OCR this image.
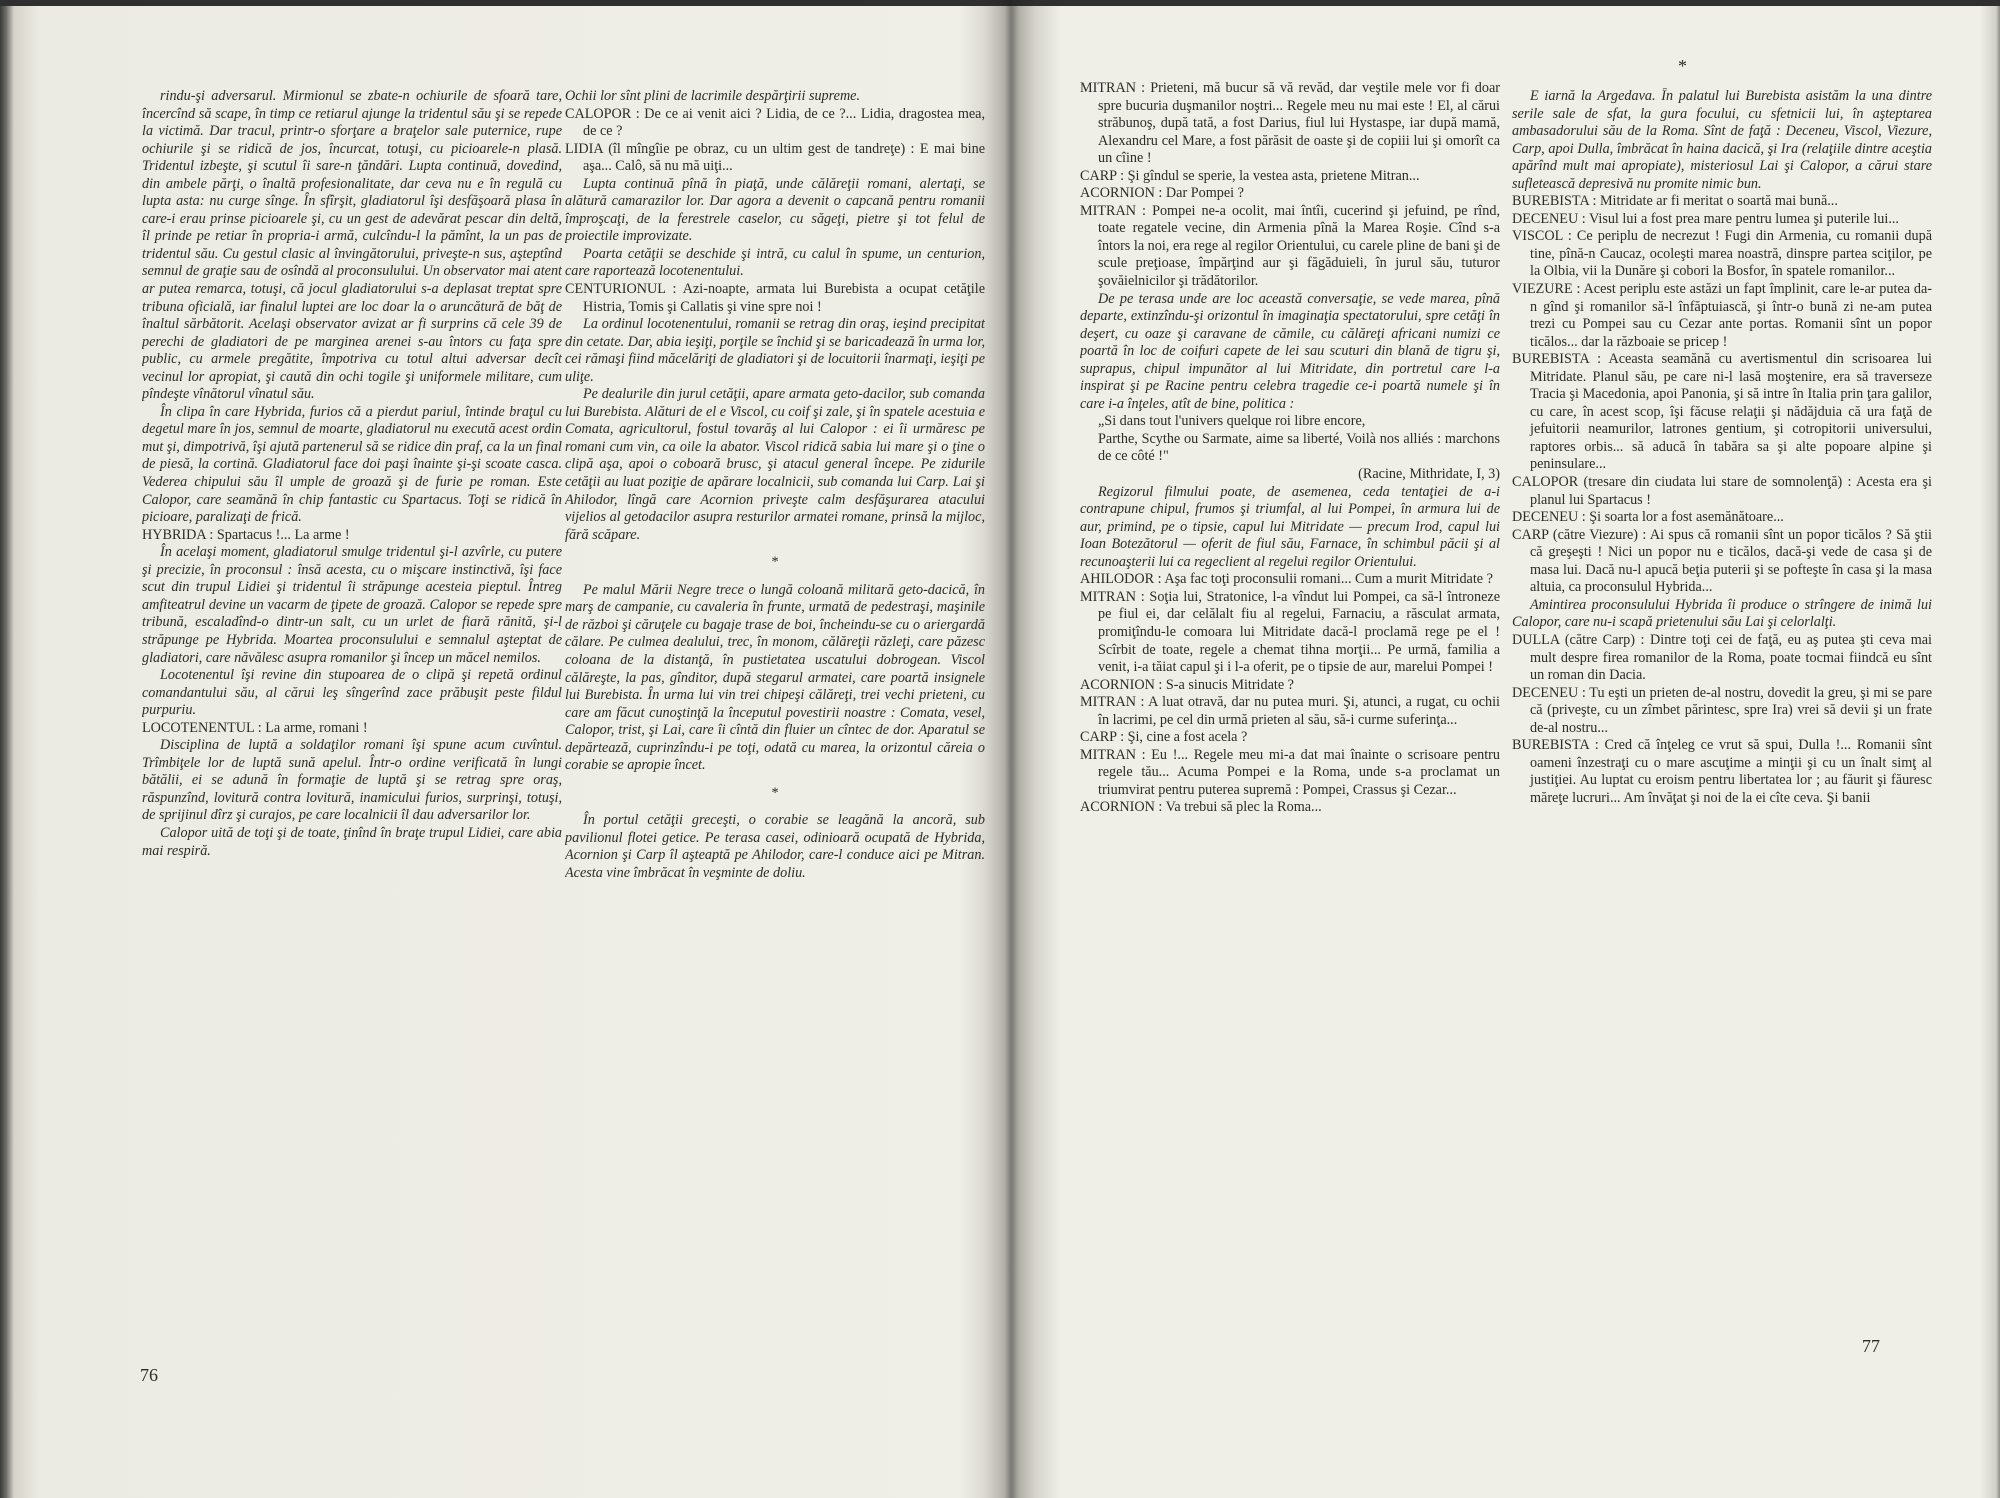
rindu-şi adversarul. Mirmionul se zbate-n ochiurile de sfoară tare, încercînd să scape, în timp ce retiarul ajunge la tridentul său şi se repede la victimă. Dar tracul, printr-o sforţare a braţelor sale puternice, rupe ochiurile şi se ridică de jos, încurcat, totuşi, cu picioarele-n plasă. Tridentul izbeşte, şi scutul îi sare-n ţăndări. Lupta continuă, dovedind, din ambele părţi, o înaltă profesionalitate, dar ceva nu e în regulă cu lupta asta: nu curge sînge. În sfîrşit, gladiatorul îşi desfăşoară plasa în care-i erau prinse picioarele şi, cu un gest de adevărat pescar din deltă, îl prinde pe retiar în propria-i armă, culcîndu-l la pămînt, la un pas de tridentul său. Cu gestul clasic al învingătorului, priveşte-n sus, aşteptînd semnul de graţie sau de osîndă al proconsulului. Un observator mai atent ar putea remarca, totuşi, că jocul gladiatorului s-a deplasat treptat spre tribuna oficială, iar finalul luptei are loc doar la o aruncătură de băţ de înaltul sărbătorit. Acelaşi observator avizat ar fi surprins că cele 39 de perechi de gladiatori de pe marginea arenei s-au întors cu faţa spre public, cu armele pregătite, împotriva cu totul altui adversar decît vecinul lor apropiat, şi caută din ochi togile şi uniformele militare, cum pîndeşte vînătorul vînatul său.

În clipa în care Hybrida, furios că a pierdut pariul, întinde braţul cu degetul mare în jos, semnul de moarte, gladiatorul nu execută acest ordin mut şi, dimpotrivă, îşi ajută partenerul să se ridice din praf, ca la un final de piesă, la cortină. Gladiatorul face doi paşi înainte şi-şi scoate casca. Vederea chipului său îl umple de groază şi de furie pe roman. Este Calopor, care seamănă în chip fantastic cu Spartacus. Toţi se ridică în picioare, paralizaţi de frică.

HYBRIDA : Spartacus !... La arme !

În acelaşi moment, gladiatorul smulge tridentul şi-l azvîrle, cu putere şi precizie, în proconsul : însă acesta, cu o mişcare instinctivă, îşi face scut din trupul Lidiei şi tridentul îi străpunge acesteia pieptul. Întreg amfiteatrul devine un vacarm de ţipete de groază. Calopor se repede spre tribună, escaladînd-o dintr-un salt, cu un urlet de fiară rănită, şi-l străpunge pe Hybrida. Moartea proconsulului e semnalul aşteptat de gladiatori, care năvălesc asupra romanilor şi încep un măcel nemilos.

Locotenentul îşi revine din stupoarea de o clipă şi repetă ordinul comandantului său, al cărui leş sîngerînd zace prăbuşit peste fildul purpuriu.

LOCOTENENTUL : La arme, romani !

Disciplina de luptă a soldaţilor romani îşi spune acum cuvîntul. Trîmbiţele lor de luptă sună apelul. Într-o ordine verificată în lungi bătălii, ei se adună în formaţie de luptă şi se retrag spre oraş, răspunzînd, lovitură contra lovitură, inamicului furios, surprinşi, totuşi, de sprijinul dîrz şi curajos, pe care localnicii îl dau adversarilor lor.

Calopor uită de toţi şi de toate, ţinînd în braţe trupul Lidiei, care abia mai respiră.

Ochii lor sînt plini de lacrimile despărţirii supreme.

CALOPOR : De ce ai venit aici ? Lidia, de ce ?... Lidia, dragostea mea, de ce ?

LIDIA (îl mîngîie pe obraz, cu un ultim gest de tandreţe) : E mai bine aşa... Calô, să nu mă uiţi...

Lupta continuă pînă în piaţă, unde călăreţii romani, alertaţi, se alătură camarazilor lor. Dar agora a devenit o capcană pentru romanii împroşcaţi, de la ferestrele caselor, cu săgeţi, pietre şi tot felul de proiectile improvizate.

Poarta cetăţii se deschide şi intră, cu calul în spume, un centurion, care raportează locotenentului.

CENTURIONUL : Azi-noapte, armata lui Burebista a ocupat cetăţile Histria, Tomis şi Callatis şi vine spre noi !

La ordinul locotenentului, romanii se retrag din oraş, ieşind precipitat din cetate. Dar, abia ieşiţi, porţile se închid şi se baricadează în urma lor, cei rămaşi fiind măcelăriţi de gladiatori şi de locuitorii înarmaţi, ieşiţi pe uliţe.

Pe dealurile din jurul cetăţii, apare armata geto-dacilor, sub comanda lui Burebista. Alături de el e Viscol, cu coif şi zale, şi în spatele acestuia e Comata, agricultorul, fostul tovarăş al lui Calopor : ei îi urmăresc pe romani cum vin, ca oile la abator. Viscol ridică sabia lui mare şi o ţine o clipă aşa, apoi o coboară brusc, şi atacul general începe. Pe zidurile cetăţii au luat poziţie de apărare localnicii, sub comanda lui Carp. Lai şi Ahilodor, lîngă care Acornion priveşte calm desfăşurarea atacului vijelios al getodacilor asupra resturilor armatei romane, prinsă la mijloc, fără scăpare.

*

Pe malul Mării Negre trece o lungă coloană militară geto-dacică, în marş de campanie, cu cavaleria în frunte, urmată de pedestraşi, maşinile de război şi căruţele cu bagaje trase de boi, încheindu-se cu o ariergardă călare. Pe culmea dealului, trec, în monom, călăreţii răzleţi, care păzesc coloana de la distanţă, în pustietatea uscatului dobrogean. Viscol călăreşte, la pas, gînditor, după stegarul armatei, care poartă insignele lui Burebista. În urma lui vin trei chipeşi călăreţi, trei vechi prieteni, cu care am făcut cunoştinţă la începutul povestirii noastre : Comata, vesel, Calopor, trist, şi Lai, care îi cîntă din fluier un cîntec de dor. Aparatul se depărtează, cuprinzîndu-i pe toţi, odată cu marea, la orizontul căreia o corabie se apropie încet.

*

În portul cetăţii greceşti, o corabie se leagănă la ancoră, sub pavilionul flotei getice. Pe terasa casei, odinioară ocupată de Hybrida, Acornion şi Carp îl aşteaptă pe Ahilodor, care-l conduce aici pe Mitran. Acesta vine îmbrăcat în veşminte de doliu.

*

MITRAN : Prieteni, mă bucur să vă revăd, dar veştile mele vor fi doar spre bucuria duşmanilor noştri... Regele meu nu mai este ! El, al cărui străbunoş, după tată, a fost Darius, fiul lui Hystaspe, iar după mamă, Alexandru cel Mare, a fost părăsit de oaste şi de copiii lui şi omorît ca un cîine !

CARP : Şi gîndul se sperie, la vestea asta, prietene Mitran...

ACORNION : Dar Pompei ?

MITRAN : Pompei ne-a ocolit, mai întîi, cucerind şi jefuind, pe rînd, toate regatele vecine, din Armenia pînă la Marea Roşie. Cînd s-a întors la noi, era rege al regilor Orientului, cu carele pline de bani şi de scule preţioase, împărţind aur şi făgăduieli, în jurul său, tuturor şovăielnicilor şi trădătorilor.

De pe terasa unde are loc această conversaţie, se vede marea, pînă departe, extinzîndu-şi orizontul în imaginaţia spectatorului, spre cetăţi în deşert, cu oaze şi caravane de cămile, cu călăreţi africani numizi ce poartă în loc de coifuri capete de lei sau scuturi din blană de tigru şi, suprapus, chipul impunător al lui Mitridate, din portretul care l-a inspirat şi pe Racine pentru celebra tragedie ce-i poartă numele şi în care i-a înţeles, atît de bine, politica :

„Si dans tout l'univers quelque roi libre encore,

Parthe, Scythe ou Sarmate, aime sa liberté, Voilà nos alliés : marchons de ce côté !"

(Racine, Mithridate, I, 3)

Regizorul filmului poate, de asemenea, ceda tentaţiei de a-i contrapune chipul, frumos şi triumfal, al lui Pompei, în armura lui de aur, primind, pe o tipsie, capul lui Mitridate — precum Irod, capul lui Ioan Botezătorul — oferit de fiul său, Farnace, în schimbul păcii şi al recunoaşterii lui ca regeclient al regelui regilor Orientului.

AHILODOR : Aşa fac toţi proconsulii romani... Cum a murit Mitridate ?

MITRAN : Soţia lui, Stratonice, l-a vîndut lui Pompei, ca să-l întroneze pe fiul ei, dar celălalt fiu al regelui, Farnaciu, a răsculat armata, promiţîndu-le comoara lui Mitridate dacă-l proclamă rege pe el ! Scîrbit de toate, regele a chemat tihna morţii... Pe urmă, familia a venit, i-a tăiat capul şi i l-a oferit, pe o tipsie de aur, marelui Pompei !

ACORNION : S-a sinucis Mitridate ?

MITRAN : A luat otravă, dar nu putea muri. Şi, atunci, a rugat, cu ochii în lacrimi, pe cel din urmă prieten al său, să-i curme suferinţa...

CARP : Şi, cine a fost acela ?

MITRAN : Eu !... Regele meu mi-a dat mai înainte o scrisoare pentru regele tău... Acuma Pompei e la Roma, unde s-a proclamat un triumvirat pentru puterea supremă : Pompei, Crassus şi Cezar...

ACORNION : Va trebui să plec la Roma...

E iarnă la Argedava. În palatul lui Burebista asistăm la una dintre serile sale de sfat, la gura focului, cu sfetnicii lui, în aşteptarea ambasadorului său de la Roma. Sînt de faţă : Deceneu, Viscol, Viezure, Carp, apoi Dulla, îmbrăcat în haina dacică, şi Ira (relaţiile dintre aceştia apărînd mult mai apropiate), misteriosul Lai şi Calopor, a cărui stare sufletească depresivă nu promite nimic bun.

BUREBISTA : Mitridate ar fi meritat o soartă mai bună...

DECENEU : Visul lui a fost prea mare pentru lumea şi puterile lui...

VISCOL : Ce periplu de necrezut ! Fugi din Armenia, cu romanii după tine, pînă-n Caucaz, ocoleşti marea noastră, dinspre partea sciţilor, pe la Olbia, vii la Dunăre şi cobori la Bosfor, în spatele romanilor...

VIEZURE : Acest periplu este astăzi un fapt împlinit, care le-ar putea da-n gînd şi romanilor să-l înfăptuiască, şi într-o bună zi ne-am putea trezi cu Pompei sau cu Cezar ante portas. Romanii sînt un popor ticălos... dar la războaie se pricep !

BUREBISTA : Aceasta seamănă cu avertismentul din scrisoarea lui Mitridate. Planul său, pe care ni-l lasă moştenire, era să traverseze Tracia şi Macedonia, apoi Panonia, şi să intre în Italia prin ţara galilor, cu care, în acest scop, îşi făcuse relaţii şi nădăjduia că ura faţă de jefuitorii neamurilor, latrones gentium, şi cotropitorii universului, raptores orbis... să aducă în tabăra sa şi alte popoare alpine şi peninsulare...

CALOPOR (tresare din ciudata lui stare de somnolenţă) : Acesta era şi planul lui Spartacus !

DECENEU : Şi soarta lor a fost asemănătoare...

CARP (către Viezure) : Ai spus că romanii sînt un popor ticălos ? Să ştii că greşeşti ! Nici un popor nu e ticălos, dacă-şi vede de casa şi de masa lui. Dacă nu-l apucă beţia puterii şi se pofteşte în casa şi la masa altuia, ca proconsulul Hybrida...

Amintirea proconsulului Hybrida îi produce o strîngere de inimă lui Calopor, care nu-i scapă prietenului său Lai şi celorlalţi.

DULLA (către Carp) : Dintre toţi cei de faţă, eu aş putea şti ceva mai mult despre firea romanilor de la Roma, poate tocmai fiindcă eu sînt un roman din Dacia.

DECENEU : Tu eşti un prieten de-al nostru, dovedit la greu, şi mi se pare că (priveşte, cu un zîmbet părintesc, spre Ira) vrei să devii şi un frate de-al nostru...

BUREBISTA : Cred că înţeleg ce vrut să spui, Dulla !... Romanii sînt oameni înzestraţi cu o mare ascuţime a minţii şi cu un înalt simţ al justiţiei. Au luptat cu eroism pentru libertatea lor ; au făurit şi făuresc măreţe lucruri... Am învăţat şi noi de la ei cîte ceva. Şi banii

76
77
